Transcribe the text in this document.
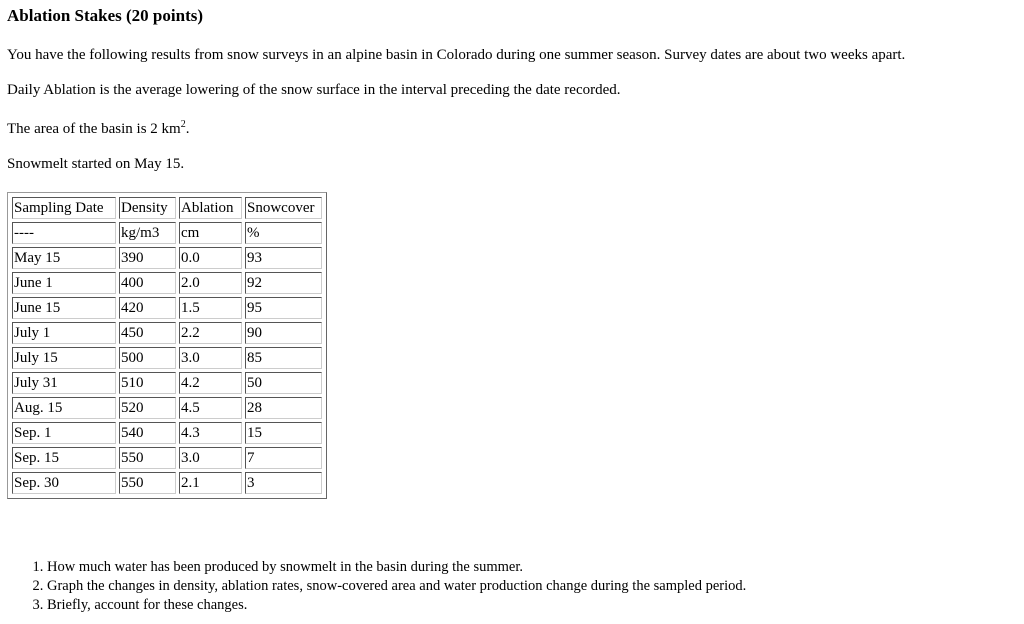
Ablation Stakes (20 points)

You have the following results from snow surveys in an alpine basin in Colorado during one summer season. Survey dates are about two weeks apart.

Daily Ablation is the average lowering of the snow surface in the interval preceding the date recorded.

The area of the basin is 2 $km^2$.

Snowmelt started on May 15.

Sampling Date	Density	Ablation	Snowcover
----	kg/m3	cm	%
May 15	390	0.0	93
June 1	400	2.0	92
June 15	420	1.5	95
July 1	450	2.2	90
July 15	500	3.0	85
July 31	510	4.2	50
Aug. 15	520	4.5	28
Sep. 1	540	4.3	15
Sep. 15	550	3.0	7
Sep. 30	550	2.1	3
1. How much water has been produced by snowmelt in the basin during the summer.
2. Graph the changes in density, ablation rates, snow-covered area and water production change during the sampled period.
3. Briefly, account for these changes.
